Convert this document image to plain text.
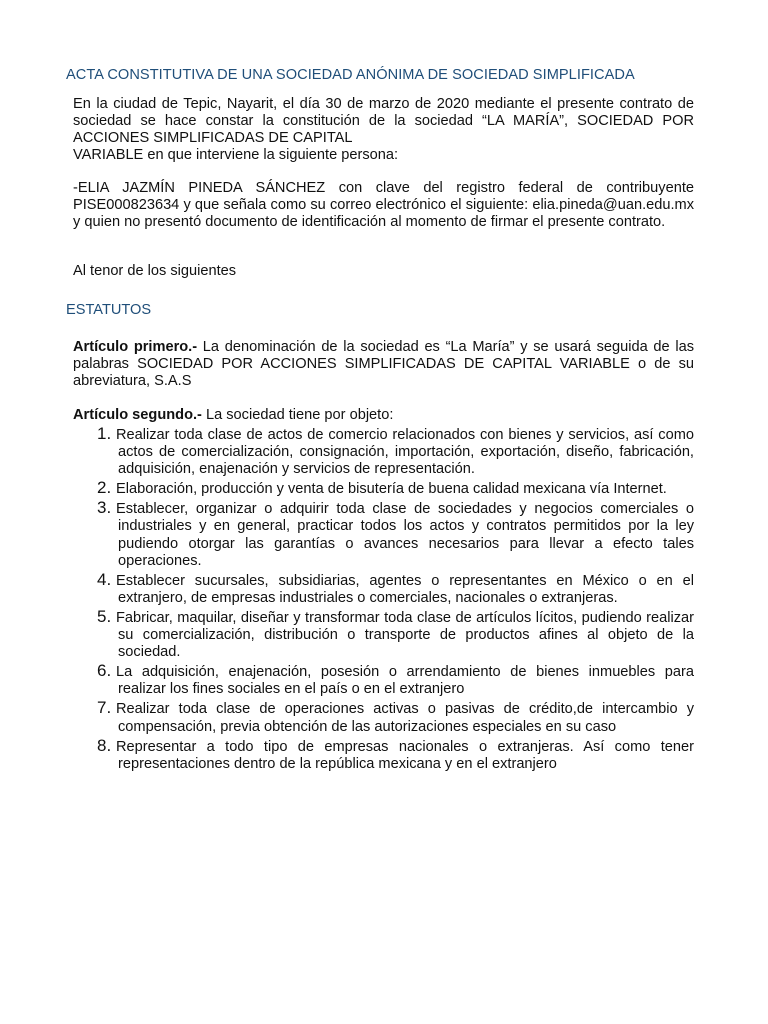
ACTA CONSTITUTIVA DE UNA SOCIEDAD ANÓNIMA DE SOCIEDAD SIMPLIFICADA

En la ciudad de Tepic, Nayarit, el día 30 de marzo de 2020 mediante el presente contrato de sociedad se hace constar la constitución de la sociedad “LA MARÍA”, SOCIEDAD POR ACCIONES SIMPLIFICADAS DE CAPITAL
VARIABLE en que interviene la siguiente persona:

-ELIA JAZMÍN PINEDA SÁNCHEZ con clave del registro federal de contribuyente PISE000823634 y que señala como su correo electrónico el siguiente: elia.pineda@uan.edu.mx y quien no presentó documento de identificación al momento de firmar el presente contrato.

Al tenor de los siguientes

ESTATUTOS

Artículo primero.- La denominación de la sociedad es “La María” y se usará seguida de las palabras SOCIEDAD POR ACCIONES SIMPLIFICADAS DE CAPITAL VARIABLE o de su abreviatura, S.A.S

Artículo segundo.- La sociedad tiene por objeto:

1. Realizar toda clase de actos de comercio relacionados con bienes y servicios, así como actos de comercialización, consignación, importación, exportación, diseño, fabricación, adquisición, enajenación y servicios de representación.
2. Elaboración, producción y venta de bisutería de buena calidad mexicana vía Internet.
3. Establecer, organizar o adquirir toda clase de sociedades y negocios comerciales o industriales y en general, practicar todos los actos y contratos permitidos por la ley pudiendo otorgar las garantías o avances necesarios para llevar a efecto tales operaciones.
4. Establecer sucursales, subsidiarias, agentes o representantes en México o en el extranjero, de empresas industriales o comerciales, nacionales o extranjeras.
5. Fabricar, maquilar, diseñar y transformar toda clase de artículos lícitos, pudiendo realizar su comercialización, distribución o transporte de productos afines al objeto de la sociedad.
6. La adquisición, enajenación, posesión o arrendamiento de bienes inmuebles para realizar los fines sociales en el país o en el extranjero
7. Realizar toda clase de operaciones activas o pasivas de crédito,de intercambio y compensación, previa obtención de las autorizaciones especiales en su caso
8. Representar a todo tipo de empresas nacionales o extranjeras. Así como tener representaciones dentro de la república mexicana y en el extranjero
